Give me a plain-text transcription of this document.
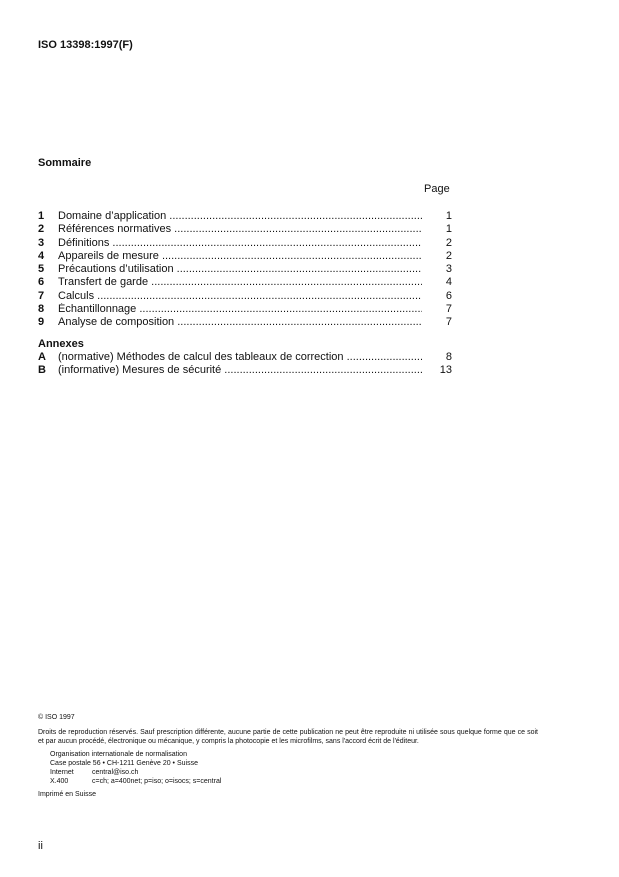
ISO 13398:1997(F)
Sommaire
Page
1 Domaine d’application .....	1
2 Références normatives .....	1
3 Définitions .....	2
4 Appareils de mesure .....	2
5 Précautions d’utilisation .....	3
6 Transfert de garde .....	4
7 Calculs .....	6
8 Échantillonnage .....	7
9 Analyse de composition .....	7
Annexes
A (normative) Méthodes de calcul des tableaux de correction .....	8
B (informative) Mesures de sécurité .....	13
© ISO 1997
Droits de reproduction réservés. Sauf prescription différente, aucune partie de cette publication ne peut être reproduite ni utilisée sous quelque forme que ce soit et par aucun procédé, électronique ou mécanique, y compris la photocopie et les microfilms, sans l'accord écrit de l'éditeur.
Organisation internationale de normalisation
Case postale 56 • CH-1211 Genève 20 • Suisse
Internet	central@iso.ch
X.400	c=ch; a=400net; p=iso; o=isocs; s=central
Imprimé en Suisse
ii
